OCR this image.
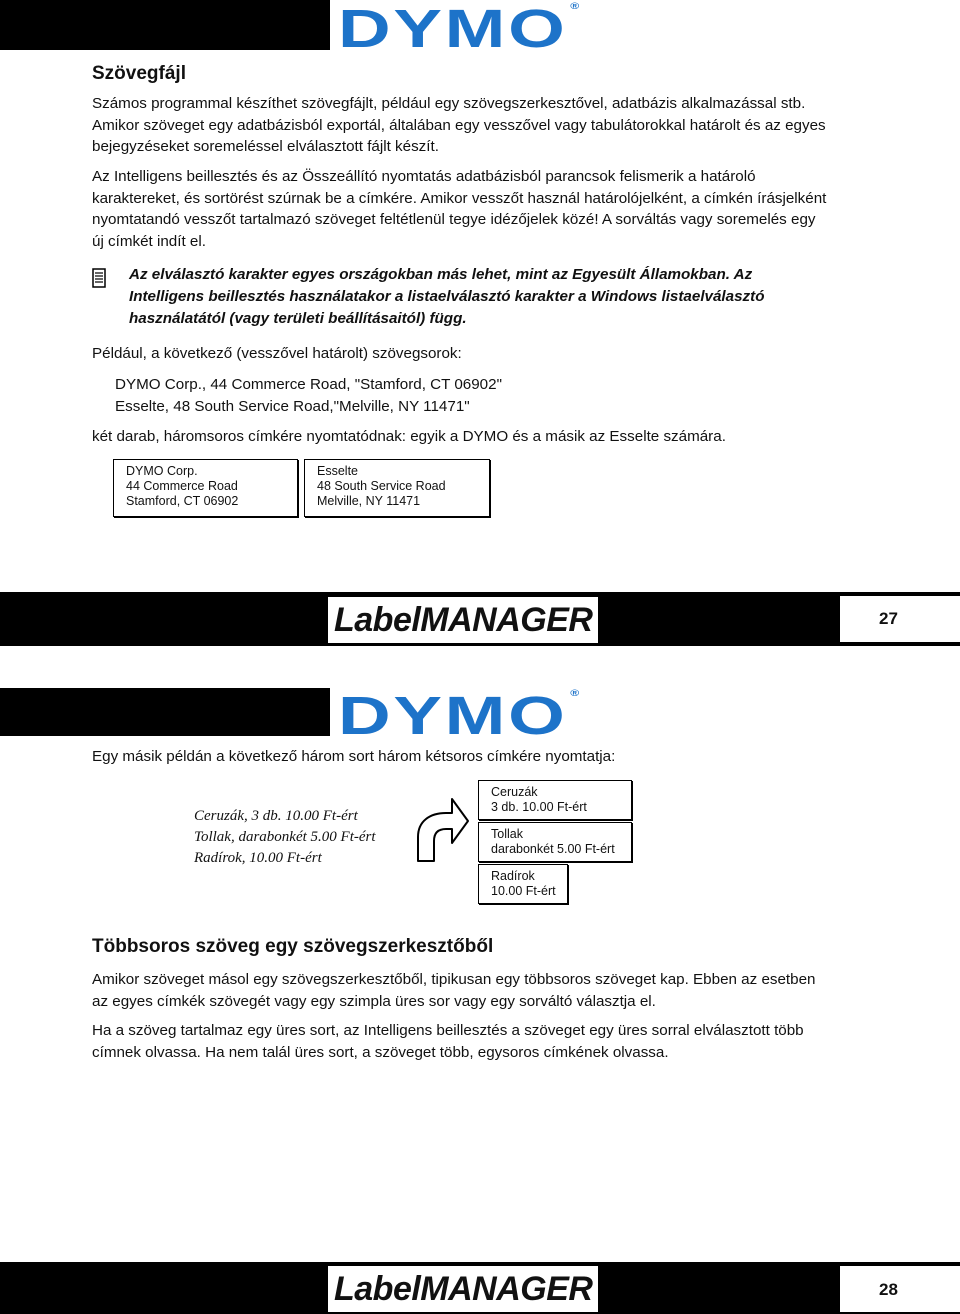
DYMO ®
Szövegfájl
Számos programmal készíthet szövegfájlt, például egy szövegszerkesztővel, adatbázis alkalmazással stb.
Amikor szöveget egy adatbázisból exportál, általában egy vesszővel vagy tabulátorokkal határolt és az egyes
bejegyzéseket soremeléssel elválasztott fájlt készít.
Az Intelligens beillesztés és az Összeállító nyomtatás adatbázisból parancsok felismerik a határoló
karaktereket, és sortörést szúrnak be a címkére. Amikor vesszőt használ határolójelként, a címkén írásjelként
nyomtatandó vesszőt tartalmazó szöveget feltétlenül tegye idézőjelek közé! A sorváltás vagy soremelés egy
új címkét indít el.
Az elválasztó karakter egyes országokban más lehet, mint az Egyesült Államokban. Az
Intelligens beillesztés használatakor a listaelválasztó karakter a Windows listaelválasztó
használatától (vagy területi beállításaitól) függ.
Például, a következő (vesszővel határolt) szövegsorok:
DYMO Corp., 44 Commerce Road, "Stamford, CT 06902"
Esselte, 48 South Service Road,"Melville, NY 11471"
két darab, háromsoros címkére nyomtatódnak: egyik a DYMO és a másik az Esselte számára.
DYMO Corp.
44 Commerce Road
Stamford, CT 06902
Esselte
48 South Service Road
Melville, NY 11471
LabelMANAGER	27
DYMO ®
Egy másik példán a következő három sort három kétsoros címkére nyomtatja:
Ceruzák, 3 db. 10.00 Ft-ért
Tollak, darabonkét 5.00 Ft-ért
Radírok, 10.00 Ft-ért
Ceruzák
3 db. 10.00 Ft-ért
Tollak
darabonkét 5.00 Ft-ért
Radírok
10.00 Ft-ért
Többsoros szöveg egy szövegszerkesztőből
Amikor szöveget másol egy szövegszerkesztőből, tipikusan egy többsoros szöveget kap. Ebben az esetben
az egyes címkék szövegét vagy egy szimpla üres sor vagy egy sorváltó választja el.
Ha a szöveg tartalmaz egy üres sort, az Intelligens beillesztés a szöveget egy üres sorral elválasztott több
címnek olvassa. Ha nem talál üres sort, a szöveget több, egysoros címkének olvassa.
LabelMANAGER	28
